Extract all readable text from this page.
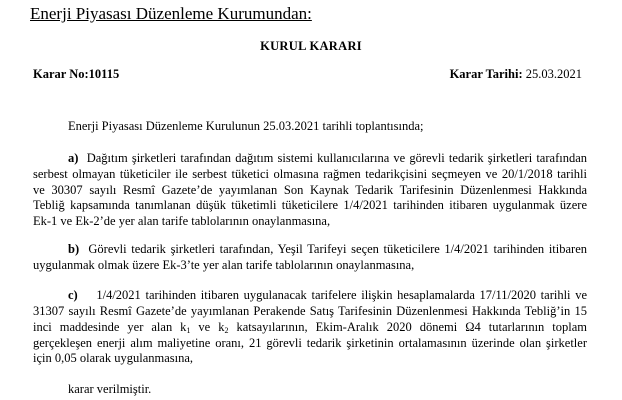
Enerji Piyasası Düzenleme Kurumundan:
KURUL KARARI
Karar No:10115	Karar Tarihi: 25.03.2021
Enerji Piyasası Düzenleme Kurulunun 25.03.2021 tarihli toplantısında;
a) Dağıtım şirketleri tarafından dağıtım sistemi kullanıcılarına ve görevli tedarik şirketleri tarafından
serbest olmayan tüketiciler ile serbest tüketici olmasına rağmen tedarikçisini seçmeyen ve 20/1/2018 tarihli
ve 30307 sayılı Resmî Gazete’de yayımlanan Son Kaynak Tedarik Tarifesinin Düzenlenmesi Hakkında
Tebliğ kapsamında tanımlanan düşük tüketimli tüketicilere 1/4/2021 tarihinden itibaren uygulanmak üzere
Ek-1 ve Ek-2’de yer alan tarife tablolarının onaylanmasına,
b) Görevli tedarik şirketleri tarafından, Yeşil Tarifeyi seçen tüketicilere 1/4/2021 tarihinden itibaren
uygulanmak olmak üzere Ek-3’te yer alan tarife tablolarının onaylanmasına,
c) 1/4/2021 tarihinden itibaren uygulanacak tarifelere ilişkin hesaplamalarda 17/11/2020 tarihli ve
31307 sayılı Resmî Gazete’de yayımlanan Perakende Satış Tarifesinin Düzenlenmesi Hakkında Tebliğ’in 15
inci maddesinde yer alan $k_1$ ve $k_2$ katsayılarının, Ekim-Aralık 2020 dönemi Ω4 tutarlarının toplam
gerçekleşen enerji alım maliyetine oranı, 21 görevli tedarik şirketinin ortalamasının üzerinde olan şirketler
için 0,05 olarak uygulanmasına,
karar verilmiştir.
